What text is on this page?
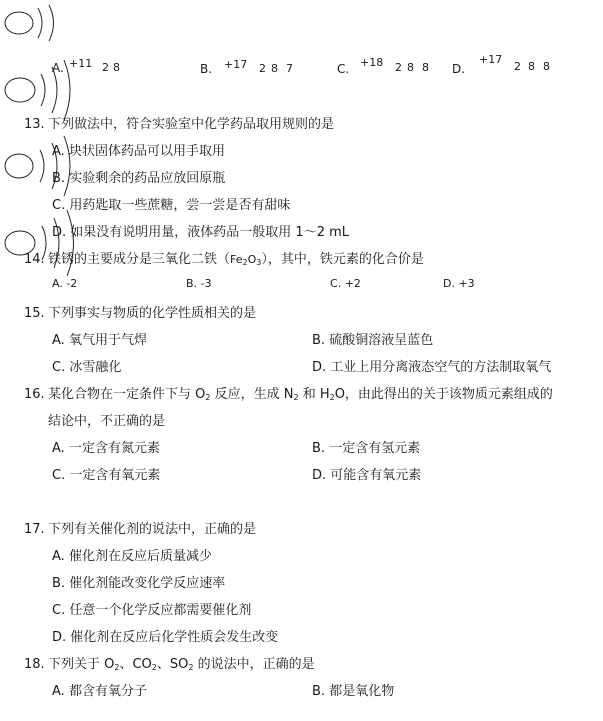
A. +11 2 8	B. +17 2 8 7	C. +18 2 8 8 D.
+17
2 8 8
13. 下列做法中，符合实验室中化学药品取用规则的是
A. 块状固体药品可以用手取用
B. 实验剩余的药品应放回原瓶
C. 用药匙取一些蔗糖，尝一尝是否有甜味
D. 如果没有说明用量，液体药品一般取用 1～2 mL
14. 铁锈的主要成分是三氧化二铁$(Fe_2O_3)$，其中，铁元素的化合价是
A. -2	B. -3	C. +2	D. +3
15. 下列事实与物质的化学性质相关的是
A. 氧气用于气焊	B. 硫酸铜溶液呈蓝色
C. 冰雪融化	D. 工业上用分离液态空气的方法制取氧气
16. 某化合物在一定条件下与 $O_2$ 反应，生成 $N_2$ 和 $H_2O$，由此得出的关于该物质元素组成的
结论中，不正确的是
A. 一定含有氮元素	B. 一定含有氢元素
C. 一定含有氧元素	D. 可能含有氧元素
17. 下列有关催化剂的说法中，正确的是
A. 催化剂在反应后质量减少
B. 催化剂能改变化学反应速率
C. 任意一个化学反应都需要催化剂
D. 催化剂在反应后化学性质会发生改变
18. 下列关于 $O_2$、$CO_2$、$SO_2$ 的说法中，正确的是
A. 都含有氧分子	B. 都是氧化物
